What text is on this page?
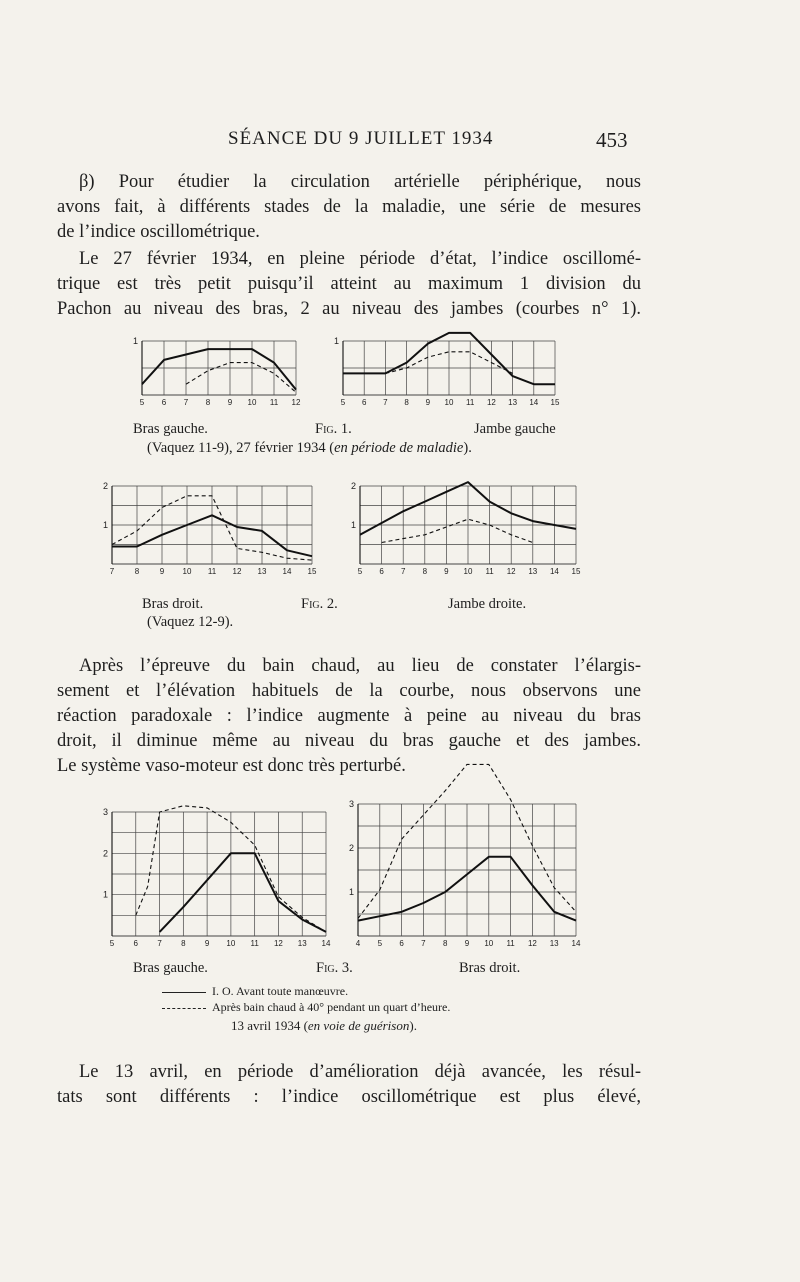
SÉANCE DU 9 JUILLET 1934	453
β) Pour étudier la circulation artérielle périphérique, nous
avons fait, à différents stades de la maladie, une série de mesures
de l’indice oscillométrique.
Le 27 février 1934, en pleine période d’état, l’indice oscillomé-
trique est très petit puisqu’il atteint au maximum 1 division du
Pachon au niveau des bras, 2 au niveau des jambes (courbes n° 1).
5 6 7 8 9 10 11 12
1
5 6 7 8 9 10 11 12 13 14 15
1
Bras gauche.	Fig. 1.	Jambe gauche
(Vaquez 11-9), 27 février 1934 (en période de maladie).
7	8	9 10 11 12 13 14 15
1
2
5 6 7 8 9 10 11 12 13 14 15
1
2
Bras droit.	Fig. 2.	Jambe droite.
(Vaquez 12-9).
Après l’épreuve du bain chaud, au lieu de constater l’élargis-
sement et l’élévation habituels de la courbe, nous observons une
réaction paradoxale : l’indice augmente à peine au niveau du bras
droit, il diminue même au niveau du bras gauche et des jambes.
Le système vaso-moteur est donc très perturbé.
5 6 7 8 9 10 11 12 13 14
1
2
3
4 5 6 7 8 9 10 11 12 13 14
1
2
3
Bras gauche.	Fig. 3.	Bras droit.
I. O. Avant toute manœuvre.
Après bain chaud à 40° pendant un quart d’heure.
13 avril 1934 (en voie de guérison).
Le 13 avril, en période d’amélioration déjà avancée, les résul-
tats sont différents : l’indice oscillométrique est plus élevé,
